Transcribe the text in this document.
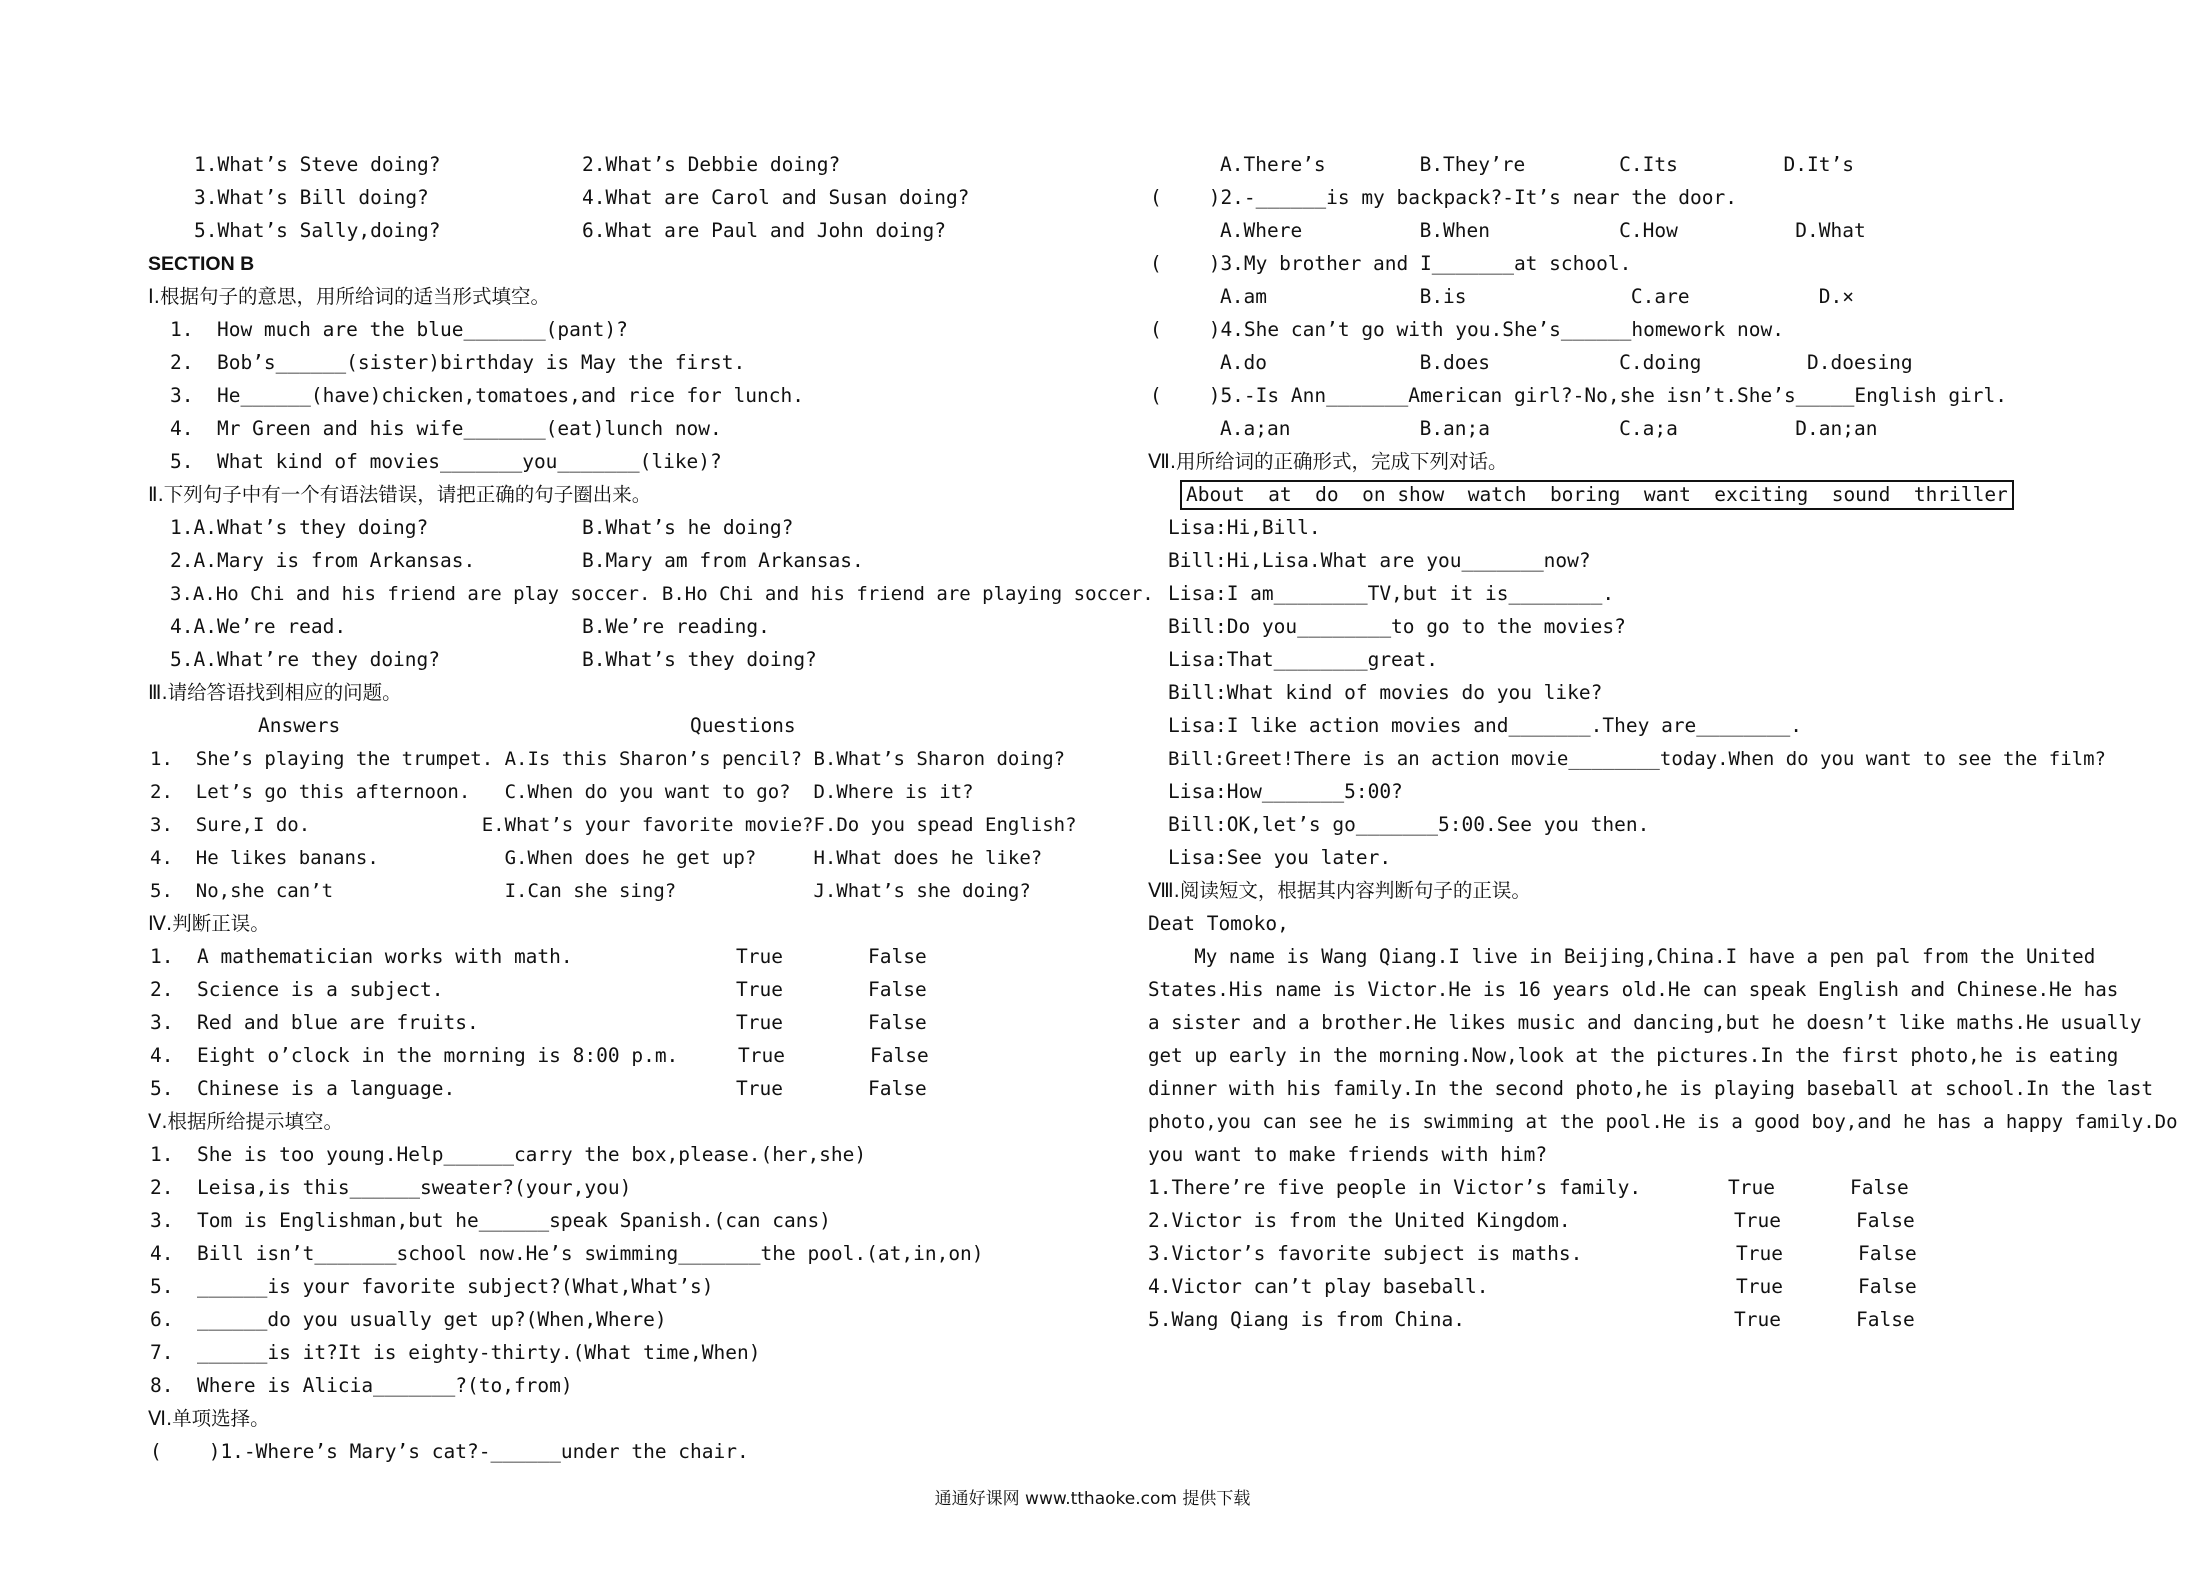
1.What’s Steve doing?	2.What’s Debbie doing?
3.What’s Bill doing?	4.What are Carol and Susan doing?
5.What’s Sally,doing?	6.What are Paul and John doing?
SECTION B
Ⅰ.根据句子的意思，用所给词的适当形式填空。
1.  How much are the blue_______(pant)?
2.  Bob’s______(sister)birthday is May the first.
3.  He______(have)chicken,tomatoes,and rice for lunch.
4.  Mr Green and his wife_______(eat)lunch now.
5.  What kind of movies_______you_______(like)?
Ⅱ.下列句子中有一个有语法错误，请把正确的句子圈出来。
1.A.What’s they doing?	B.What’s he doing?
2.A.Mary is from Arkansas.	B.Mary am from Arkansas.
3.A.Ho Chi and his friend are play soccer. B.Ho Chi and his friend are playing soccer.
4.A.We’re read.	B.We’re reading.
5.A.What’re they doing?	B.What’s they doing?
Ⅲ.请给答语找到相应的问题。
Answers	Questions
1.  She’s playing the trumpet. A.Is this Sharon’s pencil? B.What’s Sharon doing?
2.  Let’s go this afternoon.   C.When do you want to go?  D.Where is it?
3.  Sure,I do.               E.What’s your favorite movie?F.Do you spead English?
4.  He likes banans.           G.When does he get up?     H.What does he like?
5.  No,she can’t               I.Can she sing?            J.What’s she doing?
Ⅳ.判断正误。
1.  A mathematician works with math.	True	False
2.  Science is a subject.	True	False
3.  Red and blue are fruits.	True	False
4.  Eight o’clock in the morning is 8:00 p.m.	True	False
5.  Chinese is a language.	True	False
Ⅴ.根据所给提示填空。
1.  She is too young.Help______carry the box,please.(her,she)
2.  Leisa,is this______sweater?(your,you)
3.  Tom is Englishman,but he______speak Spanish.(can cans)
4.  Bill isn’t_______school now.He’s swimming_______the pool.(at,in,on)
5.  ______is your favorite subject?(What,What’s)
6.  ______do you usually get up?(When,Where)
7.  ______is it?It is eighty-thirty.(What time,When)
8.  Where is Alicia_______?(to,from)
Ⅵ.单项选择。
(    )1.-Where’s Mary’s cat?-______under the chair.
A.There’s        B.They’re        C.Its         D.It’s
(    )2.-______is my backpack?-It’s near the door.
A.Where          B.When           C.How          D.What
(    )3.My brother and I_______at school.
A.am             B.is              C.are           D.×
(    )4.She can’t go with you.She’s______homework now.
A.do             B.does           C.doing         D.doesing
(    )5.-Is Ann_______American girl?-No,she isn’t.She’s_____English girl.
A.a;an           B.an;a           C.a;a          D.an;an
Ⅶ.用所给词的正确形式，完成下列对话。
About  at  do  on show  watch  boring  want  exciting  sound  thriller
Lisa:Hi,Bill.
Bill:Hi,Lisa.What are you_______now?
Lisa:I am________TV,but it is________.
Bill:Do you________to go to the movies?
Lisa:That________great.
Bill:What kind of movies do you like?
Lisa:I like action movies and_______.They are________.
Bill:Greet!There is an action movie________today.When do you want to see the film?
Lisa:How_______5:00?
Bill:OK,let’s go_______5:00.See you then.
Lisa:See you later.
Ⅷ.阅读短文，根据其内容判断句子的正误。
Deat Tomoko,
My name is Wang Qiang.I live in Beijing,China.I have a pen pal from the United
States.His name is Victor.He is 16 years old.He can speak English and Chinese.He has
a sister and a brother.He likes music and dancing,but he doesn’t like maths.He usually
get up early in the morning.Now,look at the pictures.In the first photo,he is eating
dinner with his family.In the second photo,he is playing baseball at school.In the last
photo,you can see he is swimming at the pool.He is a good boy,and he has a happy family.Do
you want to make friends with him?
1.There’re five people in Victor’s family.	True	False
2.Victor is from the United Kingdom.	True	False
3.Victor’s favorite subject is maths.	True	False
4.Victor can’t play baseball.	True	False
5.Wang Qiang is from China.	True	False
通通好课网 www.tthaoke.com 提供下载
